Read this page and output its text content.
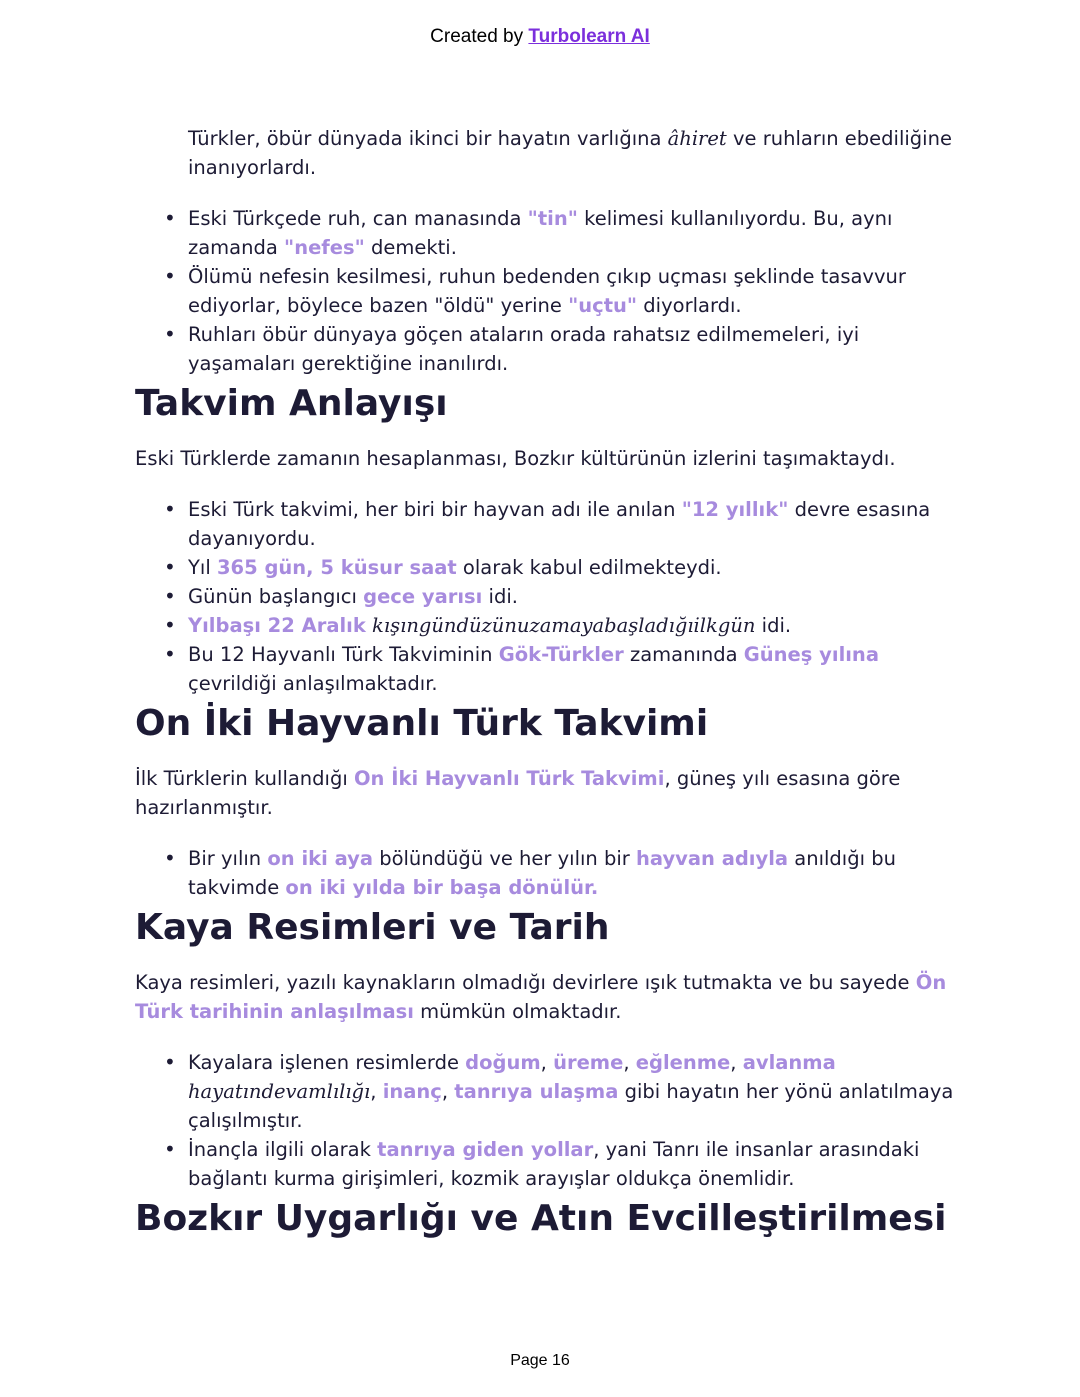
Created by Turbolearn AI

Türkler, öbür dünyada ikinci bir hayatın varlığına âhiret ve ruhların ebediliğine inanıyorlardı.

• Eski Türkçede ruh, can manasında "tin" kelimesi kullanılıyordu. Bu, aynı zamanda "nefes" demekti.
• Ölümü nefesin kesilmesi, ruhun bedenden çıkıp uçması şeklinde tasavvur ediyorlar, böylece bazen "öldü" yerine "uçtu" diyorlardı.
• Ruhları öbür dünyaya göçen ataların orada rahatsız edilmemeleri, iyi yaşamaları gerektiğine inanılırdı.
Takvim Anlayışı

Eski Türklerde zamanın hesaplanması, Bozkır kültürünün izlerini taşımaktaydı.

• Eski Türk takvimi, her biri bir hayvan adı ile anılan "12 yıllık" devre esasına dayanıyordu.
• Yıl 365 gün, 5 küsur saat olarak kabul edilmekteydi.
• Günün başlangıcı gece yarısı idi.
• Yılbaşı 22 Aralık kışıngündüzünuzamayabaşladığıilkgün idi.
• Bu 12 Hayvanlı Türk Takviminin Gök-Türkler zamanında Güneş yılına çevrildiği anlaşılmaktadır.
On İki Hayvanlı Türk Takvimi

İlk Türklerin kullandığı On İki Hayvanlı Türk Takvimi, güneş yılı esasına göre hazırlanmıştır.

• Bir yılın on iki aya bölündüğü ve her yılın bir hayvan adıyla anıldığı bu takvimde on iki yılda bir başa dönülür.
Kaya Resimleri ve Tarih

Kaya resimleri, yazılı kaynakların olmadığı devirlere ışık tutmakta ve bu sayede Ön Türk tarihinin anlaşılması mümkün olmaktadır.

• Kayalara işlenen resimlerde doğum, üreme, eğlenme, avlanma hayatındevamlılığı, inanç, tanrıya ulaşma gibi hayatın her yönü anlatılmaya çalışılmıştır.
• İnançla ilgili olarak tanrıya giden yollar, yani Tanrı ile insanlar arasındaki bağlantı kurma girişimleri, kozmik arayışlar oldukça önemlidir.
Bozkır Uygarlığı ve Atın Evcilleştirilmesi
Page 16
